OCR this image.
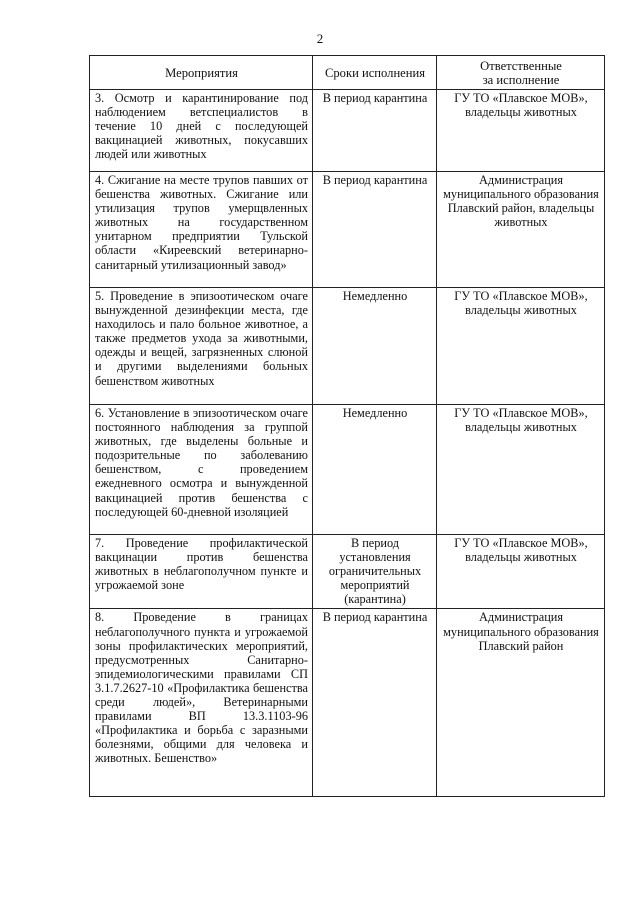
2
Мероприятия	Сроки исполнения	Ответственные
за исполнение
3. Осмотр и карантинирование под наблюдением ветспециалистов в течение 10 дней с последующей вакцинацией животных, покусавших людей или животных	В период карантина	ГУ ТО «Плавское МОВ», владельцы животных
4. Сжигание на месте трупов павших от бешенства животных. Сжигание или утилизация трупов умерщвленных животных на государственном унитарном предприятии Тульской области «Киреевский ветеринарно-санитарный утилизационный завод»	В период карантина	Администрация муниципального образования Плавский район, владельцы животных
5. Проведение в эпизоотическом очаге вынужденной дезинфекции места, где находилось и пало больное животное, а также предметов ухода за животными, одежды и вещей, загрязненных слюной и другими выделениями больных бешенством животных	Немедленно	ГУ ТО «Плавское МОВ», владельцы животных
6. Установление в эпизоотическом очаге постоянного наблюдения за группой животных, где выделены больные и подозрительные по заболеванию бешенством, с проведением ежедневного осмотра и вынужденной вакцинацией против бешенства с последующей 60-дневной изоляцией	Немедленно	ГУ ТО «Плавское МОВ», владельцы животных
7. Проведение профилактической вакцинации против бешенства животных в неблагополучном пункте и угрожаемой зоне	В период установления ограничительных мероприятий (карантина)	ГУ ТО «Плавское МОВ», владельцы животных
8. Проведение в границах неблагополучного пункта и угрожаемой зоны профилактических мероприятий, предусмотренных Санитарно-эпидемиологическими правилами СП 3.1.7.2627-10 «Профилактика бешенства среди людей», Ветеринарными правилами ВП 13.3.1103-96 «Профилактика и борьба с заразными болезнями, общими для человека и животных. Бешенство»	В период карантина	Администрация муниципального образования Плавский район
